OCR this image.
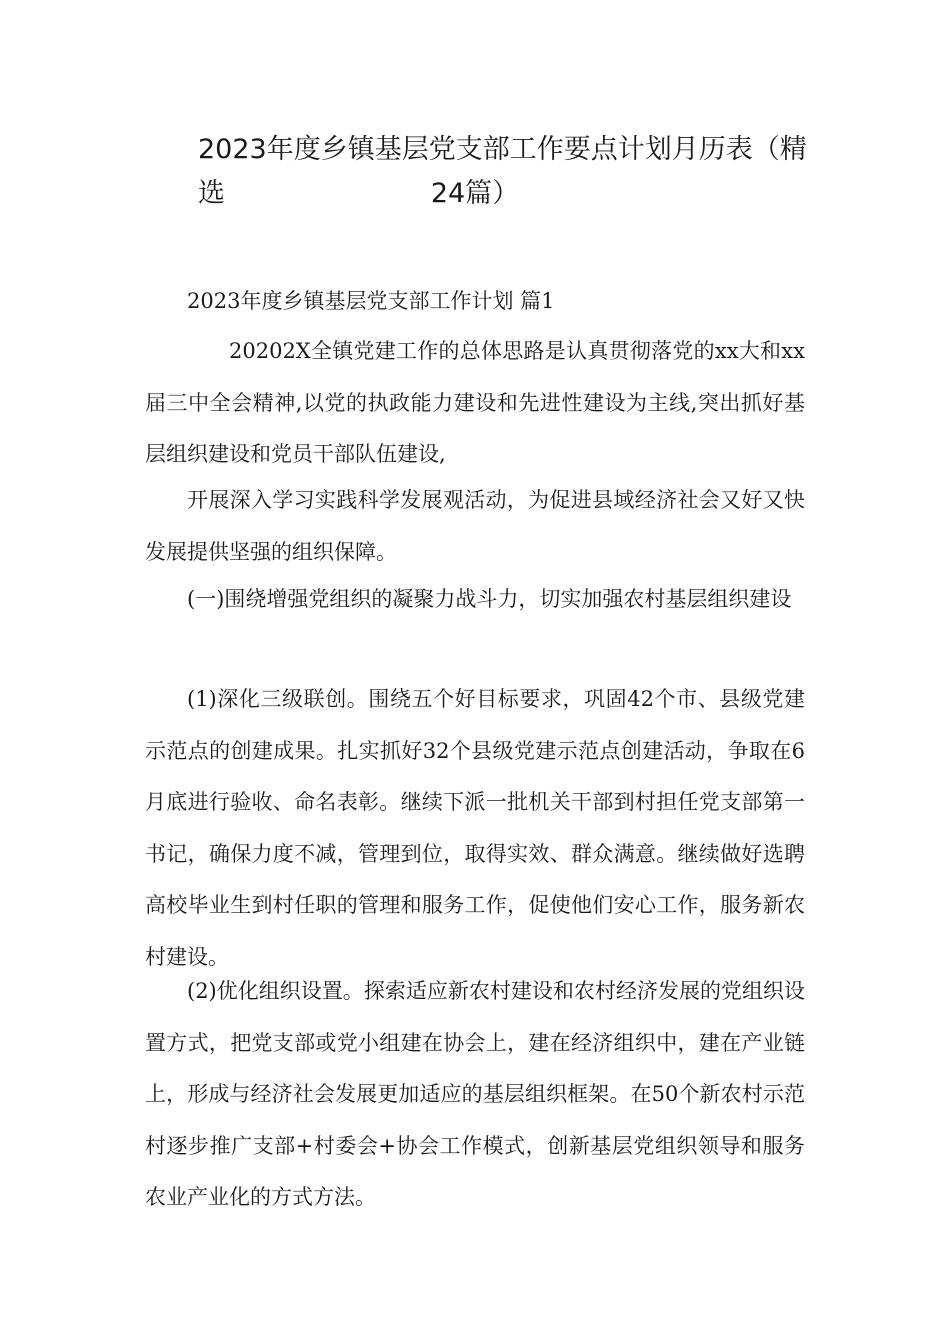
2023年度乡镇基层党支部工作要点计划月历表（精选	24篇）
2023年度乡镇基层党支部工作计划 篇1

20202X全镇党建工作的总体思路是认真贯彻落党的xx大和xx届三中全会精神,以党的执政能力建设和先进性建设为主线,突出抓好基层组织建设和党员干部队伍建设,

开展深入学习实践科学发展观活动，为促进县域经济社会又好又快发展提供坚强的组织保障。

(一)围绕增强党组织的凝聚力战斗力，切实加强农村基层组织建设

(1)深化三级联创。围绕五个好目标要求，巩固42个市、县级党建示范点的创建成果。扎实抓好32个县级党建示范点创建活动，争取在6月底进行验收、命名表彰。继续下派一批机关干部到村担任党支部第一书记，确保力度不减，管理到位，取得实效、群众满意。继续做好选聘高校毕业生到村任职的管理和服务工作，促使他们安心工作，服务新农村建设。

(2)优化组织设置。探索适应新农村建设和农村经济发展的党组织设置方式，把党支部或党小组建在协会上，建在经济组织中，建在产业链上，形成与经济社会发展更加适应的基层组织框架。在50个新农村示范村逐步推广支部+村委会+协会工作模式，创新基层党组织领导和服务农业产业化的方式方法。
